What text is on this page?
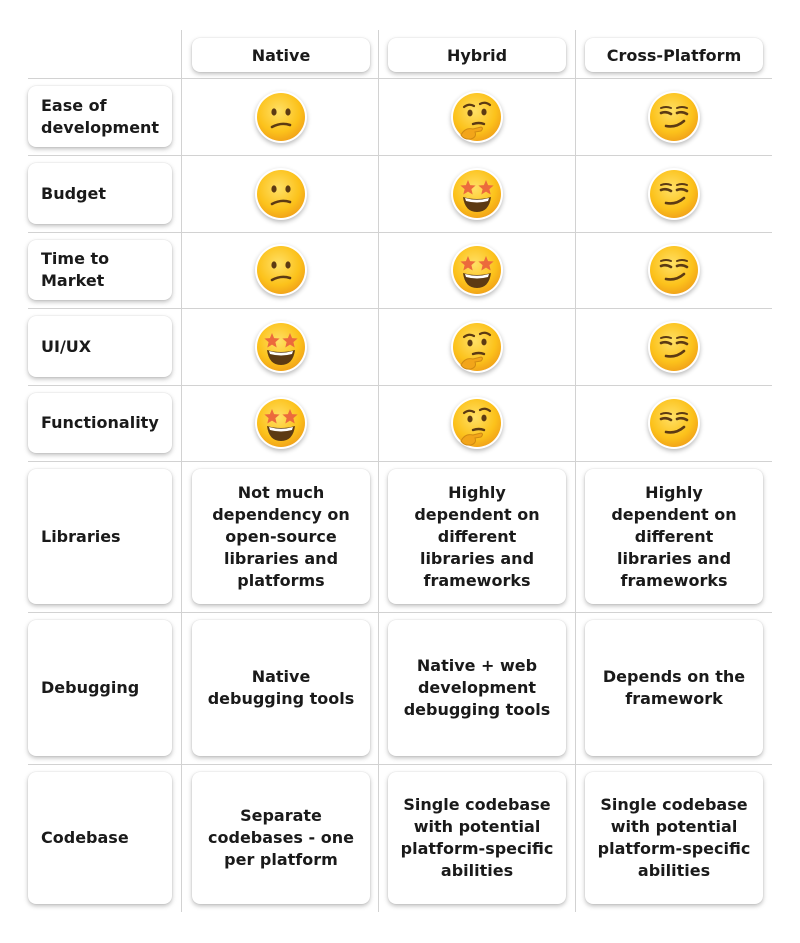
Native	Hybrid	Cross-Platform
Ease of development
Budget
Time to Market
UI/UX
Functionality
Libraries
Not much dependency on open-source libraries and platforms
Highly dependent on different libraries and frameworks
Highly dependent on different libraries and frameworks
Debugging
Native debugging tools
Native + web development debugging tools
Depends on the framework
Codebase
Separate codebases - one per platform
Single codebase with potential platform-specific abilities
Single codebase with potential platform-specific abilities
